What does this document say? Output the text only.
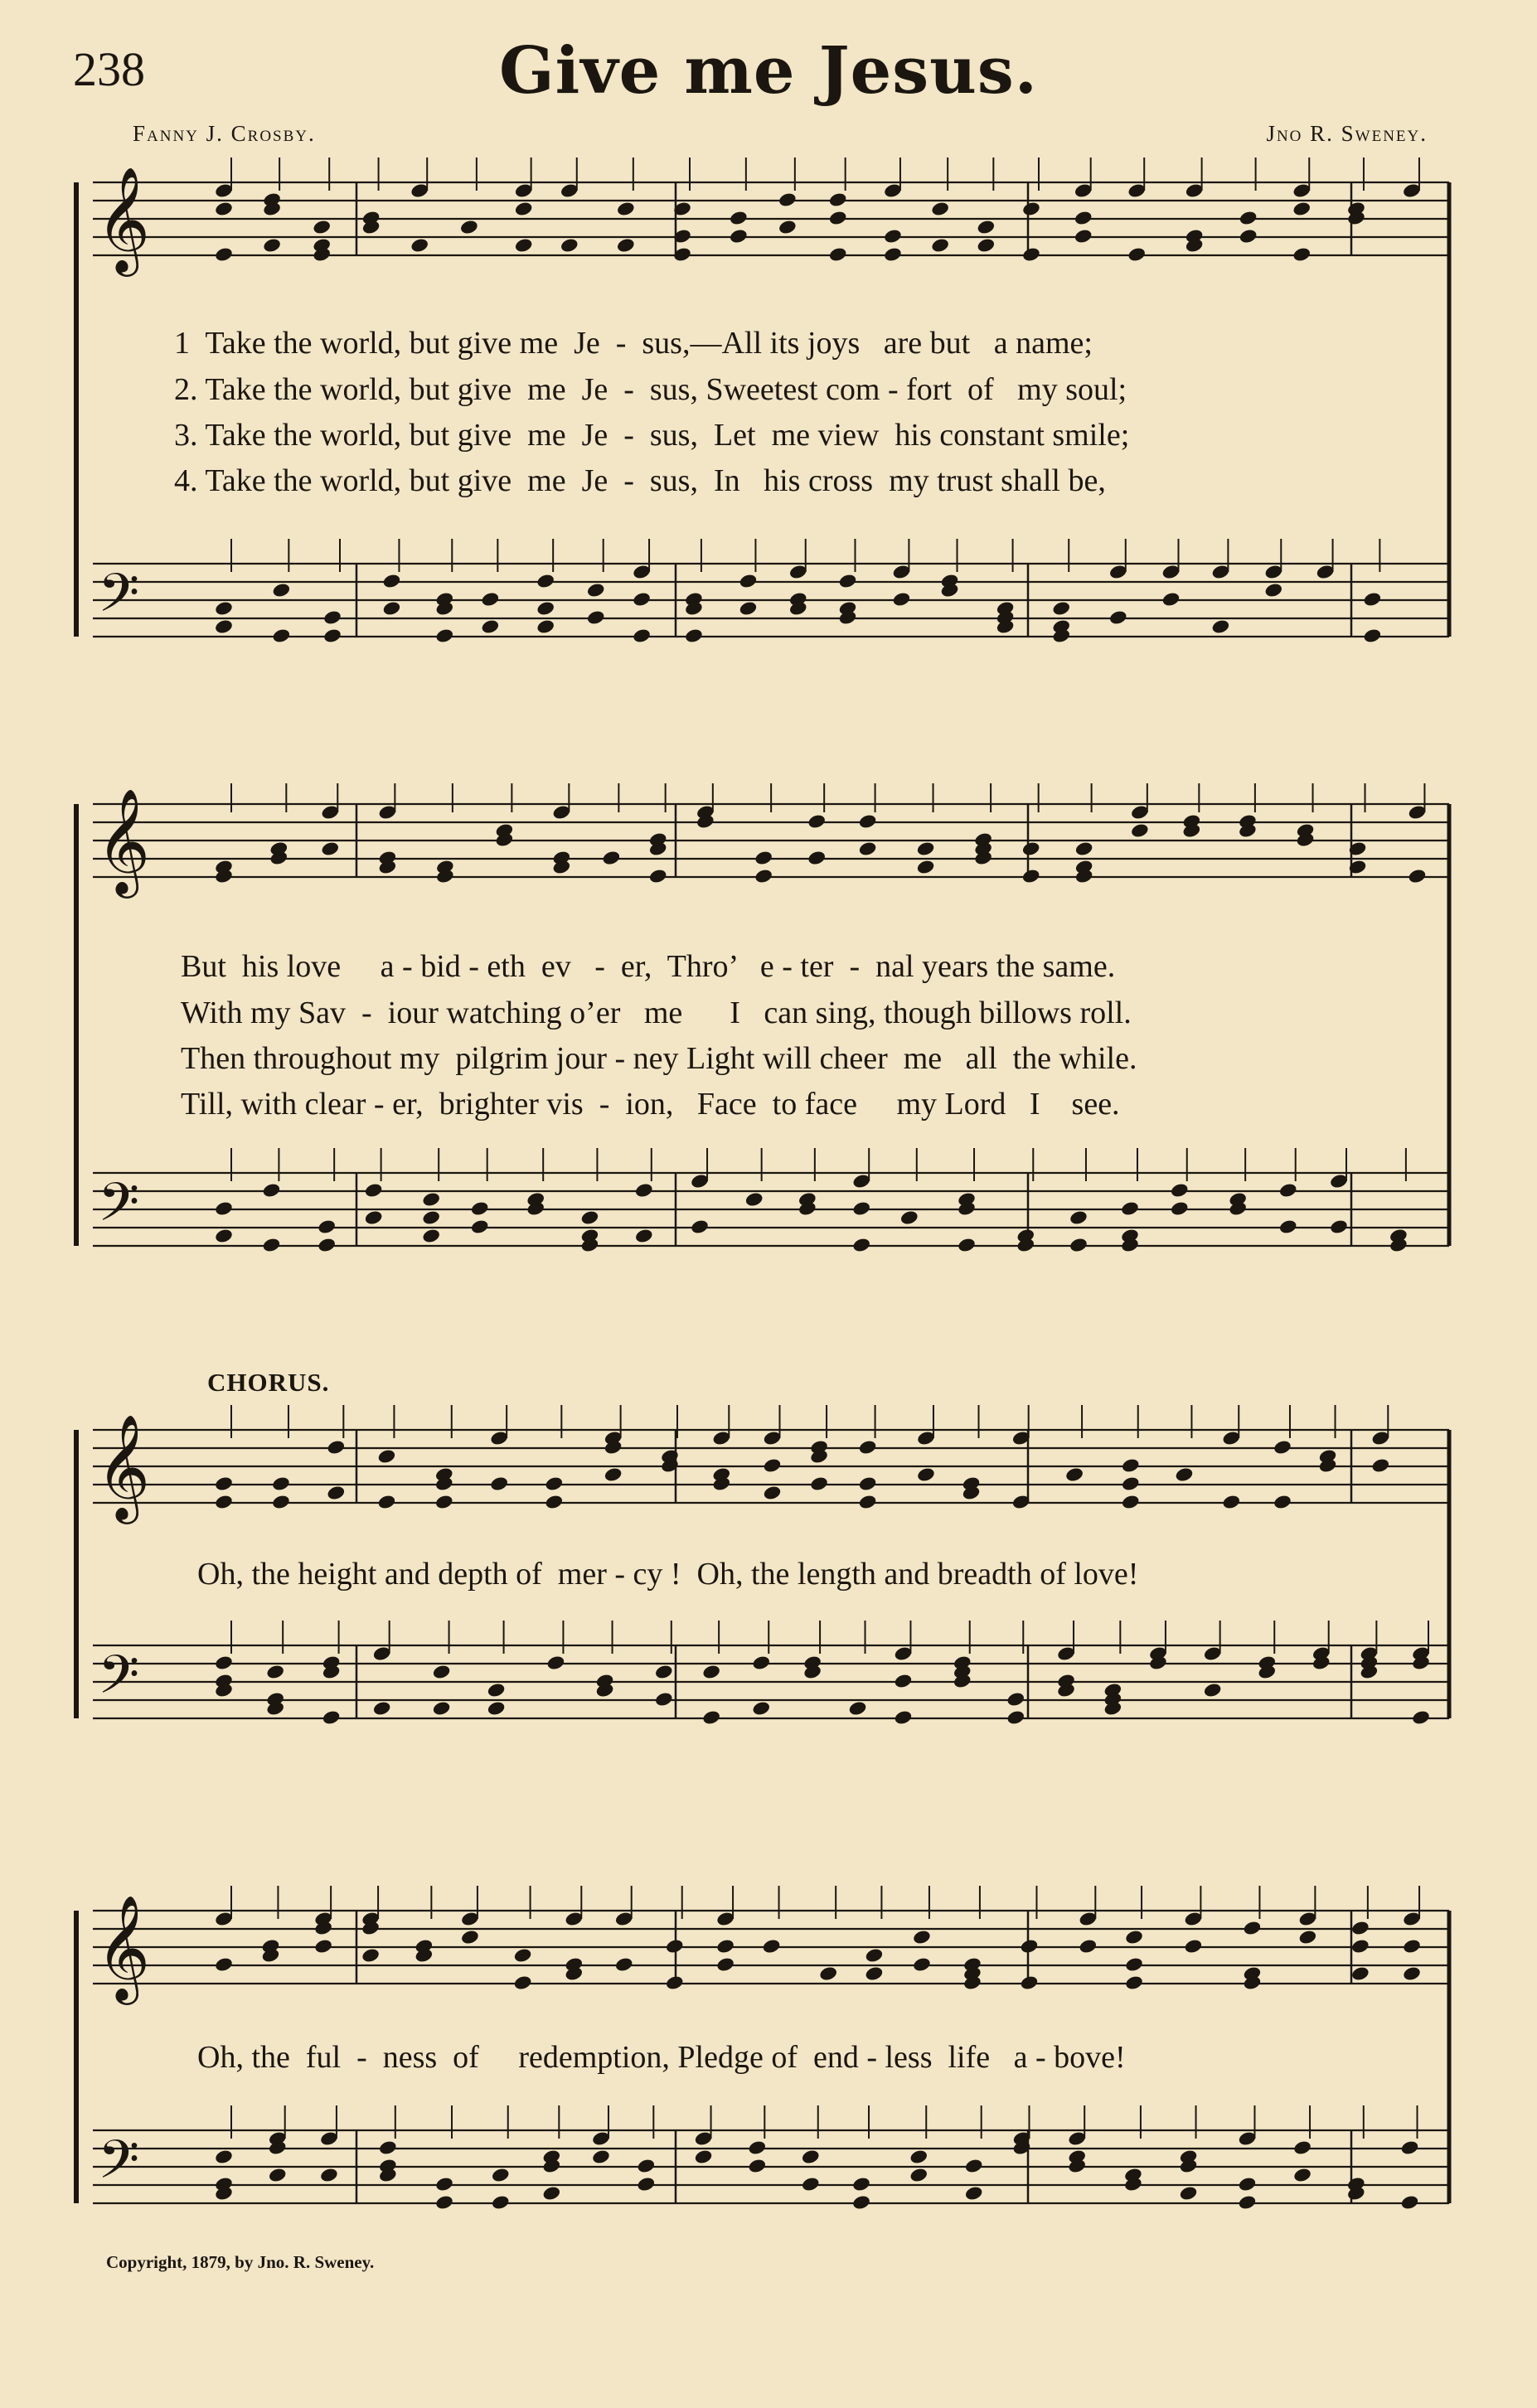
238	Give me Jesus.
Fanny J. Crosby.	Jno R. Sweney.
𝄞
𝄢
1  Take the world, but give me  Je  -  sus,—All its joys   are but   a name;
2. Take the world, but give  me  Je  -  sus, Sweetest com - fort  of   my soul;
3. Take the world, but give  me  Je  -  sus,  Let  me view  his constant smile;
4. Take the world, but give  me  Je  -  sus,  In   his cross  my trust shall be,
𝄞
𝄢
But  his love     a - bid - eth  ev   -  er,  Thro’   e - ter  -  nal years the same.
With my Sav  -  iour watching o’er   me      I   can sing, though billows roll.
Then throughout my  pilgrim jour - ney Light will cheer  me   all  the while.
Till, with clear - er,  brighter vis  -  ion,   Face  to face     my Lord   I    see.
CHORUS.
𝄞
𝄢
Oh, the height and depth of  mer - cy !  Oh, the length and breadth of love!
𝄞
𝄢
Oh, the  ful  -  ness  of     redemption, Pledge of  end - less  life   a - bove!
Copyright, 1879, by Jno. R. Sweney.
